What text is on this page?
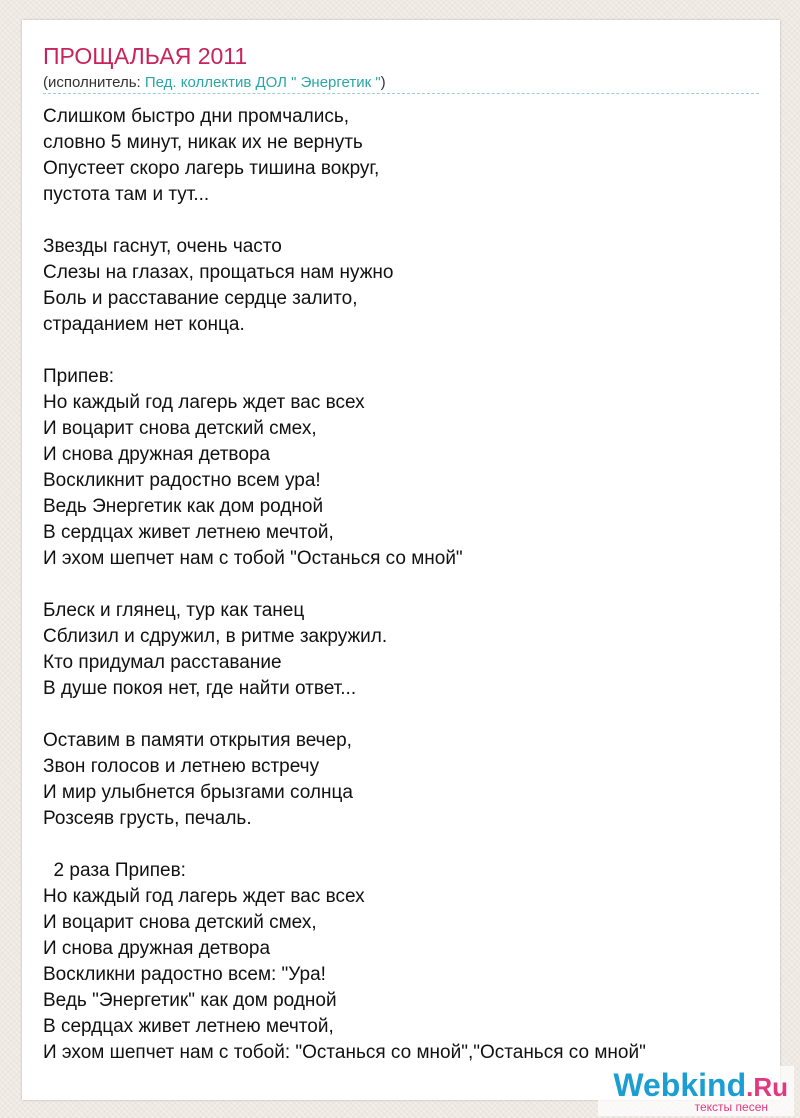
ПРОЩАЛЬАЯ 2011
(исполнитель: Пед. коллектив ДОЛ " Энергетик ")
Слишком быстро дни промчались,
словно 5 минут, никак их не вернуть
Опустеет скоро лагерь тишина вокруг,
пустота там и тут...
Звезды гаснут, очень часто
Слезы на глазах, прощаться нам нужно
Боль и расставание сердце залито,
страданием нет конца.
Припев:
Но каждый год лагерь ждет вас всех
И воцарит снова детский смех,
И снова дружная детвора
Воскликнит радостно всем ура!
Ведь Энергетик как дом родной
В сердцах живет летнею мечтой,
И эхом шепчет нам с тобой "Останься со мной"
Блеск и глянец, тур как танец
Сблизил и сдружил, в ритме закружил.
Кто придумал расставание
В душе покоя нет, где найти ответ...
Оставим в памяти открытия вечер,
Звон голосов и летнею встречу
И мир улыбнется брызгами солнца
Розсеяв грусть, печаль.
2 раза Припев:
Но каждый год лагерь ждет вас всех
И воцарит снова детский смех,
И снова дружная детвора
Воскликни радостно всем: "Ура!
Ведь "Энергетик" как дом родной
В сердцах живет летнею мечтой,
И эхом шепчет нам с тобой: "Останься со мной","Останься со мной"
Webkind.Ru
тексты песен
